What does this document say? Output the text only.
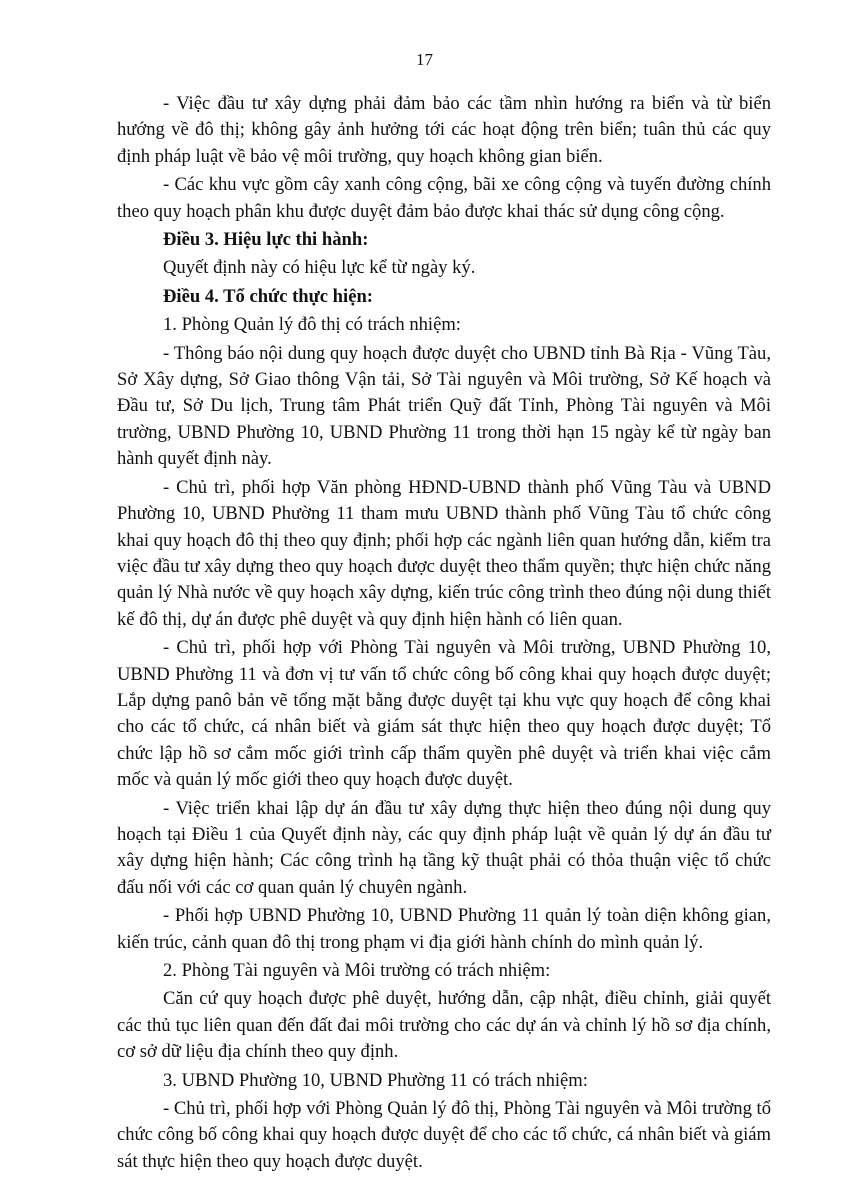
17

- Việc đầu tư xây dựng phải đảm bảo các tầm nhìn hướng ra biển và từ biển hướng về đô thị; không gây ảnh hưởng tới các hoạt động trên biển; tuân thủ các quy định pháp luật về bảo vệ môi trường, quy hoạch không gian biển.

- Các khu vực gồm cây xanh công cộng, bãi xe công cộng và tuyến đường chính theo quy hoạch phân khu được duyệt đảm bảo được khai thác sử dụng công cộng.

Điều 3. Hiệu lực thi hành:

Quyết định này có hiệu lực kể từ ngày ký.

Điều 4. Tổ chức thực hiện:

1. Phòng Quản lý đô thị có trách nhiệm:

- Thông báo nội dung quy hoạch được duyệt cho UBND tỉnh Bà Rịa - Vũng Tàu, Sở Xây dựng, Sở Giao thông Vận tải, Sở Tài nguyên và Môi trường, Sở Kế hoạch và Đầu tư, Sở Du lịch, Trung tâm Phát triển Quỹ đất Tỉnh, Phòng Tài nguyên và Môi trường, UBND Phường 10, UBND Phường 11 trong thời hạn 15 ngày kể từ ngày ban hành quyết định này.

- Chủ trì, phối hợp Văn phòng HĐND-UBND thành phố Vũng Tàu và UBND Phường 10, UBND Phường 11 tham mưu UBND thành phố Vũng Tàu tổ chức công khai quy hoạch đô thị theo quy định; phối hợp các ngành liên quan hướng dẫn, kiểm tra việc đầu tư xây dựng theo quy hoạch được duyệt theo thẩm quyền; thực hiện chức năng quản lý Nhà nước về quy hoạch xây dựng, kiến trúc công trình theo đúng nội dung thiết kế đô thị, dự án được phê duyệt và quy định hiện hành có liên quan.

- Chủ trì, phối hợp với Phòng Tài nguyên và Môi trường, UBND Phường 10, UBND Phường 11 và đơn vị tư vấn tổ chức công bố công khai quy hoạch được duyệt; Lắp dựng panô bản vẽ tổng mặt bằng được duyệt tại khu vực quy hoạch để công khai cho các tổ chức, cá nhân biết và giám sát thực hiện theo quy hoạch được duyệt; Tổ chức lập hồ sơ cắm mốc giới trình cấp thẩm quyền phê duyệt và triển khai việc cắm mốc và quản lý mốc giới theo quy hoạch được duyệt.

- Việc triển khai lập dự án đầu tư xây dựng thực hiện theo đúng nội dung quy hoạch tại Điều 1 của Quyết định này, các quy định pháp luật về quản lý dự án đầu tư xây dựng hiện hành; Các công trình hạ tầng kỹ thuật phải có thỏa thuận việc tổ chức đấu nối với các cơ quan quản lý chuyên ngành.

- Phối hợp UBND Phường 10, UBND Phường 11 quản lý toàn diện không gian, kiến trúc, cảnh quan đô thị trong phạm vi địa giới hành chính do mình quản lý.

2. Phòng Tài nguyên và Môi trường có trách nhiệm:

Căn cứ quy hoạch được phê duyệt, hướng dẫn, cập nhật, điều chỉnh, giải quyết các thủ tục liên quan đến đất đai môi trường cho các dự án và chỉnh lý hồ sơ địa chính, cơ sở dữ liệu địa chính theo quy định.

3. UBND Phường 10, UBND Phường 11 có trách nhiệm:

- Chủ trì, phối hợp với Phòng Quản lý đô thị, Phòng Tài nguyên và Môi trường tổ chức công bố công khai quy hoạch được duyệt để cho các tổ chức, cá nhân biết và giám sát thực hiện theo quy hoạch được duyệt.
